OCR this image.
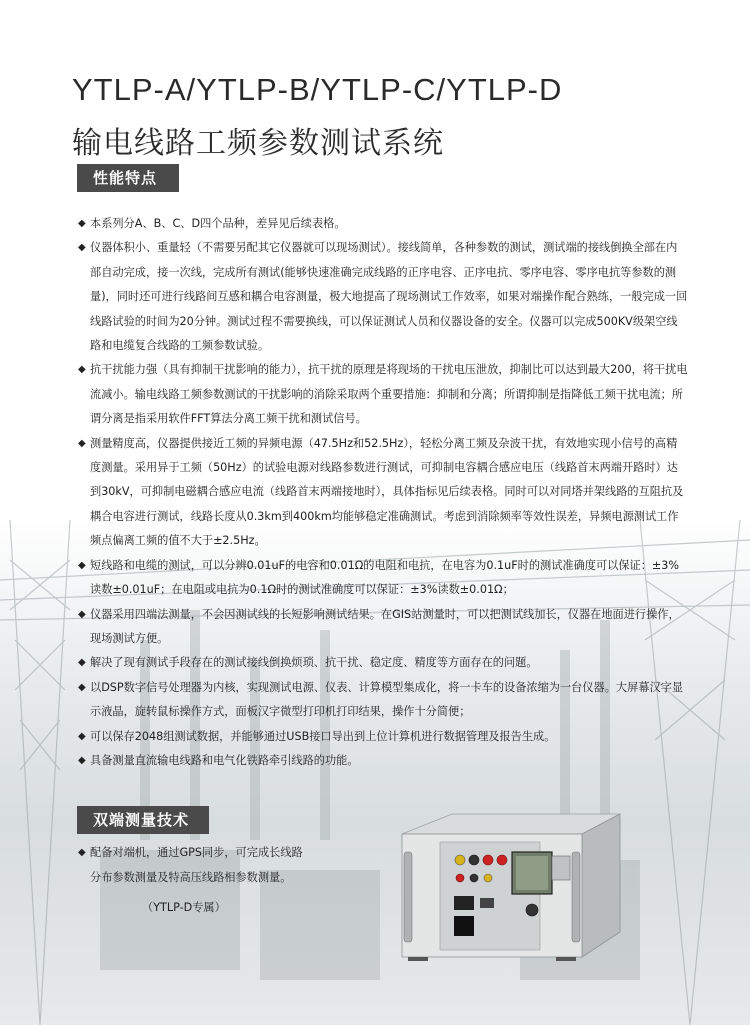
YTLP-A/YTLP-B/YTLP-C/YTLP-D
输电线路工频参数测试系统
性能特点
◆ 本系列分A、B、C、D四个品种，差异见后续表格。
◆ 仪器体积小、重量轻（不需要另配其它仪器就可以现场测试）。接线简单，各种参数的测试，测试端的接线倒换全部在内部自动完成，接一次线，完成所有测试(能够快速准确完成线路的正序电容、正序电抗、零序电容、零序电抗等参数的测量)，同时还可进行线路间互感和耦合电容测量，极大地提高了现场测试工作效率，如果对端操作配合熟练，一般完成一回线路试验的时间为20分钟。测试过程不需要换线，可以保证测试人员和仪器设备的安全。仪器可以完成500KV级架空线路和电缆复合线路的工频参数试验。
◆ 抗干扰能力强（具有抑制干扰影响的能力），抗干扰的原理是将现场的干扰电压泄放，抑制比可以达到最大200，将干扰电流减小。输电线路工频参数测试的干扰影响的消除采取两个重要措施：抑制和分离；所谓抑制是指降低工频干扰电流；所谓分离是指采用软件FFT算法分离工频干扰和测试信号。
◆ 测量精度高，仪器提供接近工频的异频电源（47.5Hz和52.5Hz），轻松分离工频及杂波干扰，有效地实现小信号的高精度测量。采用异于工频（50Hz）的试验电源对线路参数进行测试，可抑制电容耦合感应电压（线路首末两端开路时）达到30kV，可抑制电磁耦合感应电流（线路首末两端接地时），具体指标见后续表格。同时可以对同塔并架线路的互阻抗及耦合电容进行测试，线路长度从0.3km到400km均能够稳定准确测试。考虑到消除频率等效性误差，异频电源测试工作频点偏离工频的值不大于±2.5Hz。
◆ 短线路和电缆的测试，可以分辨0.01uF的电容和0.01Ω的电阻和电抗，在电容为0.1uF时的测试准确度可以保证：±3%读数±0.01uF；在电阻或电抗为0.1Ω时的测试准确度可以保证：±3%读数±0.01Ω；
◆ 仪器采用四端法测量，不会因测试线的长短影响测试结果。在GIS站测量时，可以把测试线加长，仪器在地面进行操作，现场测试方便。
◆ 解决了现有测试手段存在的测试接线倒换烦琐、抗干扰、稳定度、精度等方面存在的问题。
◆ 以DSP数字信号处理器为内核，实现测试电源、仪表、计算模型集成化，将一卡车的设备浓缩为一台仪器。大屏幕汉字显示液晶，旋转鼠标操作方式，面板汉字微型打印机打印结果，操作十分简便；
◆ 可以保存2048组测试数据，并能够通过USB接口导出到上位计算机进行数据管理及报告生成。
◆ 具备测量直流输电线路和电气化铁路牵引线路的功能。
双端测量技术
◆ 配备对端机，通过GPS同步，可完成长线路
分布参数测量及特高压线路相参数测量。
（YTLP-D专属）
